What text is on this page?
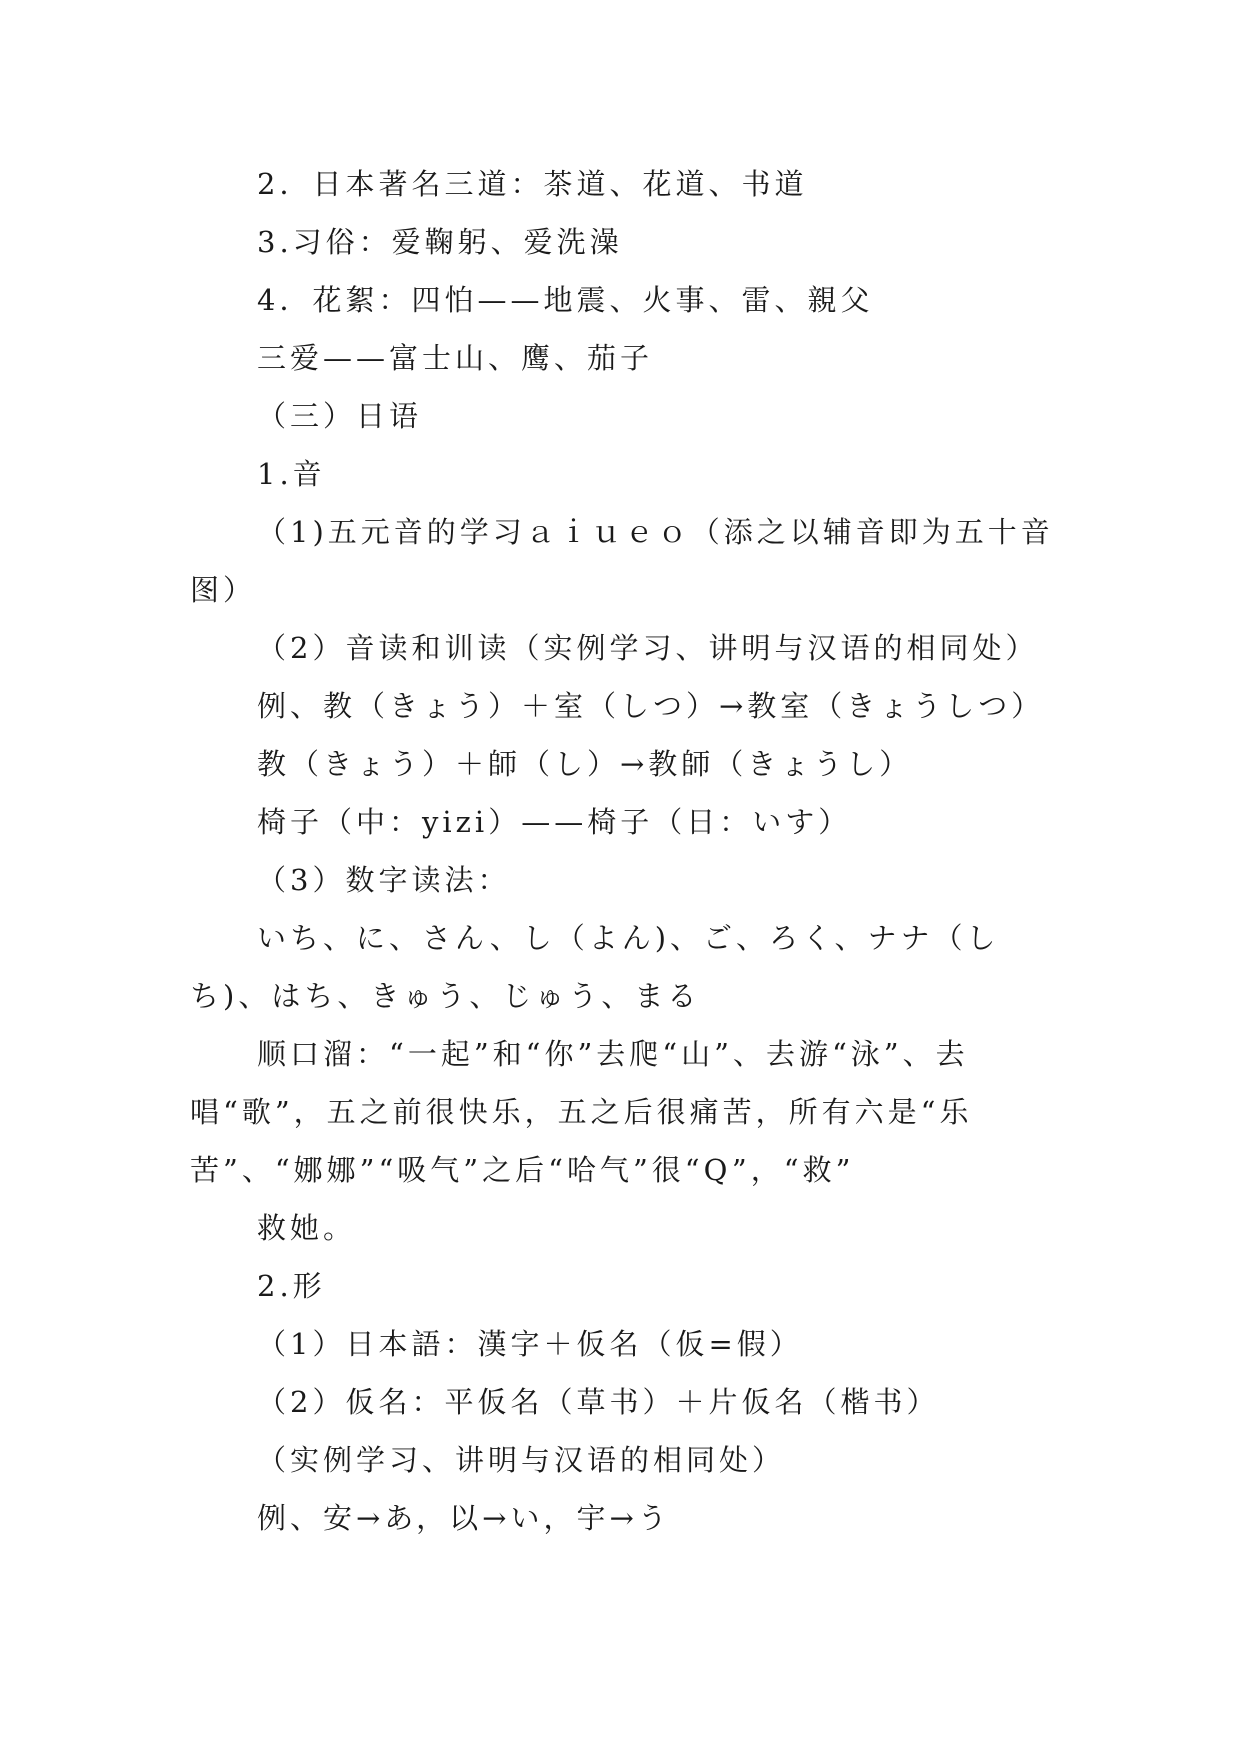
2．日本著名三道：茶道、花道、书道
3.习俗：爱鞠躬、爱洗澡
4．花絮：四怕——地震、火事、雷、親父
三爱——富士山、鹰、茄子
（三）日语
1.音
（1)五元音的学习ａｉｕｅｏ（添之以辅音即为五十音
图）
（2）音读和训读（实例学习、讲明与汉语的相同处）
例、教（きょう）＋室（しつ）→教室（きょうしつ）
教（きょう）＋師（し）→教師（きょうし）
椅子（中：yizi）——椅子（日：いす）
（3）数字读法：
いち、に、さん、し（よん)、ご、ろく、ナナ（し
ち)、はち、きゅう、じゅう、まる
顺口溜：“一起”和“你”去爬“山”、去游“泳”、去
唱“歌”，五之前很快乐，五之后很痛苦，所有六是“乐
苦”、“娜娜”“吸气”之后“哈气”很“Q”，“救”
救她。
2.形
（1）日本語：漢字＋仮名（仮=假）
（2）仮名：平仮名（草书）＋片仮名（楷书）
（实例学习、讲明与汉语的相同处）
例、安→あ，以→い，宇→う
